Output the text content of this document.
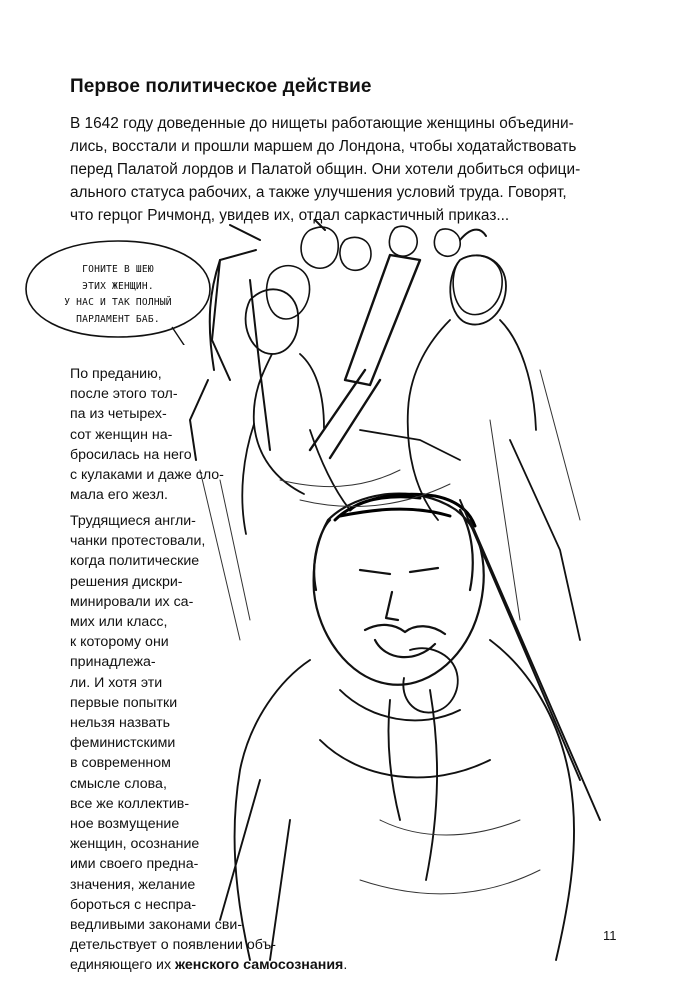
Первое политическое действие
В 1642 году доведенные до нищеты работающие женщины объедини-
лись, восстали и прошли маршем до Лондона, чтобы ходатайствовать
перед Палатой лордов и Палатой общин. Они хотели добиться офици-
ального статуса рабочих, а также улучшения условий труда. Говорят,
что герцог Ричмонд, увидев их, отдал саркастичный приказ...
ГОНИТЕ В ШЕЮ
ЭТИХ ЖЕНЩИН.
У НАС И ТАК ПОЛНЫЙ
ПАРЛАМЕНТ БАБ.
По преданию,
после этого тол-
па из четырех-
сот женщин на-
бросилась на него
с кулаками и даже сло-
мала его жезл.
Трудящиеся англи-
чанки протестовали,
когда политические
решения дискри-
минировали их са-
мих или класс,
к которому они
принадлежа-
ли. И хотя эти
первые попытки
нельзя назвать
феминистскими
в современном
смысле слова,
все же коллектив-
ное возмущение
женщин, осознание
ими своего предна-
значения, желание
бороться с неспра-
ведливыми законами сви-
детельствует о появлении объ-
единяющего их женского самосознания.
11
